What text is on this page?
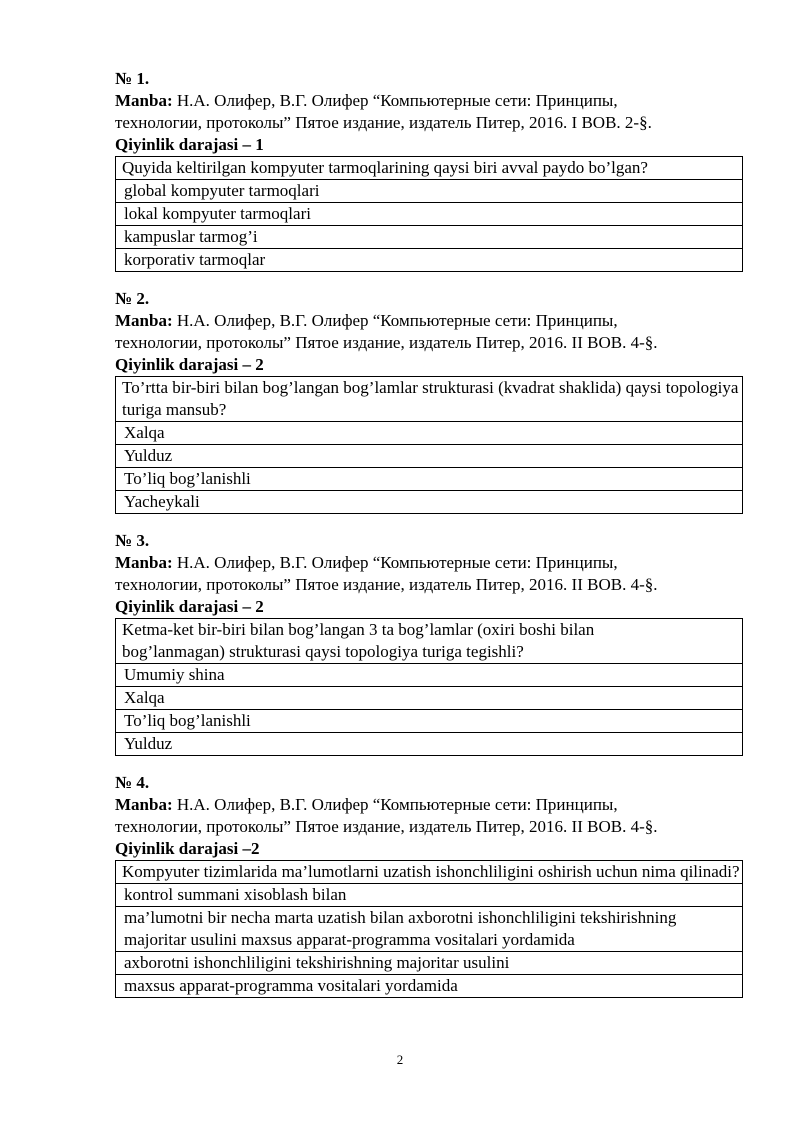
№ 1.
Manba: Н.А. Олифер, В.Г. Олифер “Компьютерные сети: Принципы,
технологии, протоколы” Пятое издание, издатель Питер, 2016. I BOB. 2-§.
Qiyinlik darajasi – 1
Quyida keltirilgan kompyuter tarmoqlarining qaysi biri avval paydo bo’lgan?
global kompyuter tarmoqlari
lokal kompyuter tarmoqlari
kampuslar tarmog’i
korporativ tarmoqlar
№ 2.
Manba: Н.А. Олифер, В.Г. Олифер “Компьютерные сети: Принципы,
технологии, протоколы” Пятое издание, издатель Питер, 2016. II BOB. 4-§.
Qiyinlik darajasi – 2
To’rtta bir-biri bilan bog’langan bog’lamlar strukturasi (kvadrat shaklida) qaysi topologiya turiga mansub?
Xalqa
Yulduz
To’liq bog’lanishli
Yacheykali
№ 3.
Manba: Н.А. Олифер, В.Г. Олифер “Компьютерные сети: Принципы,
технологии, протоколы” Пятое издание, издатель Питер, 2016. II BOB. 4-§.
Qiyinlik darajasi – 2
Ketma-ket bir-biri bilan bog’langan 3 ta bog’lamlar (oxiri boshi bilan bog’lanmagan) strukturasi qaysi topologiya turiga tegishli?
Umumiy shina
Xalqa
To’liq bog’lanishli
Yulduz
№ 4.
Manba: Н.А. Олифер, В.Г. Олифер “Компьютерные сети: Принципы,
технологии, протоколы” Пятое издание, издатель Питер, 2016. II BOB. 4-§.
Qiyinlik darajasi –2
Kompyuter tizimlarida ma’lumotlarni uzatish ishonchliligini oshirish uchun nima qilinadi?
kontrol summani xisoblash bilan
ma’lumotni bir necha marta uzatish bilan axborotni ishonchliligini tekshirishning majoritar usulini maxsus apparat-programma vositalari yordamida
axborotni ishonchliligini tekshirishning majoritar usulini
maxsus apparat-programma vositalari yordamida
2
